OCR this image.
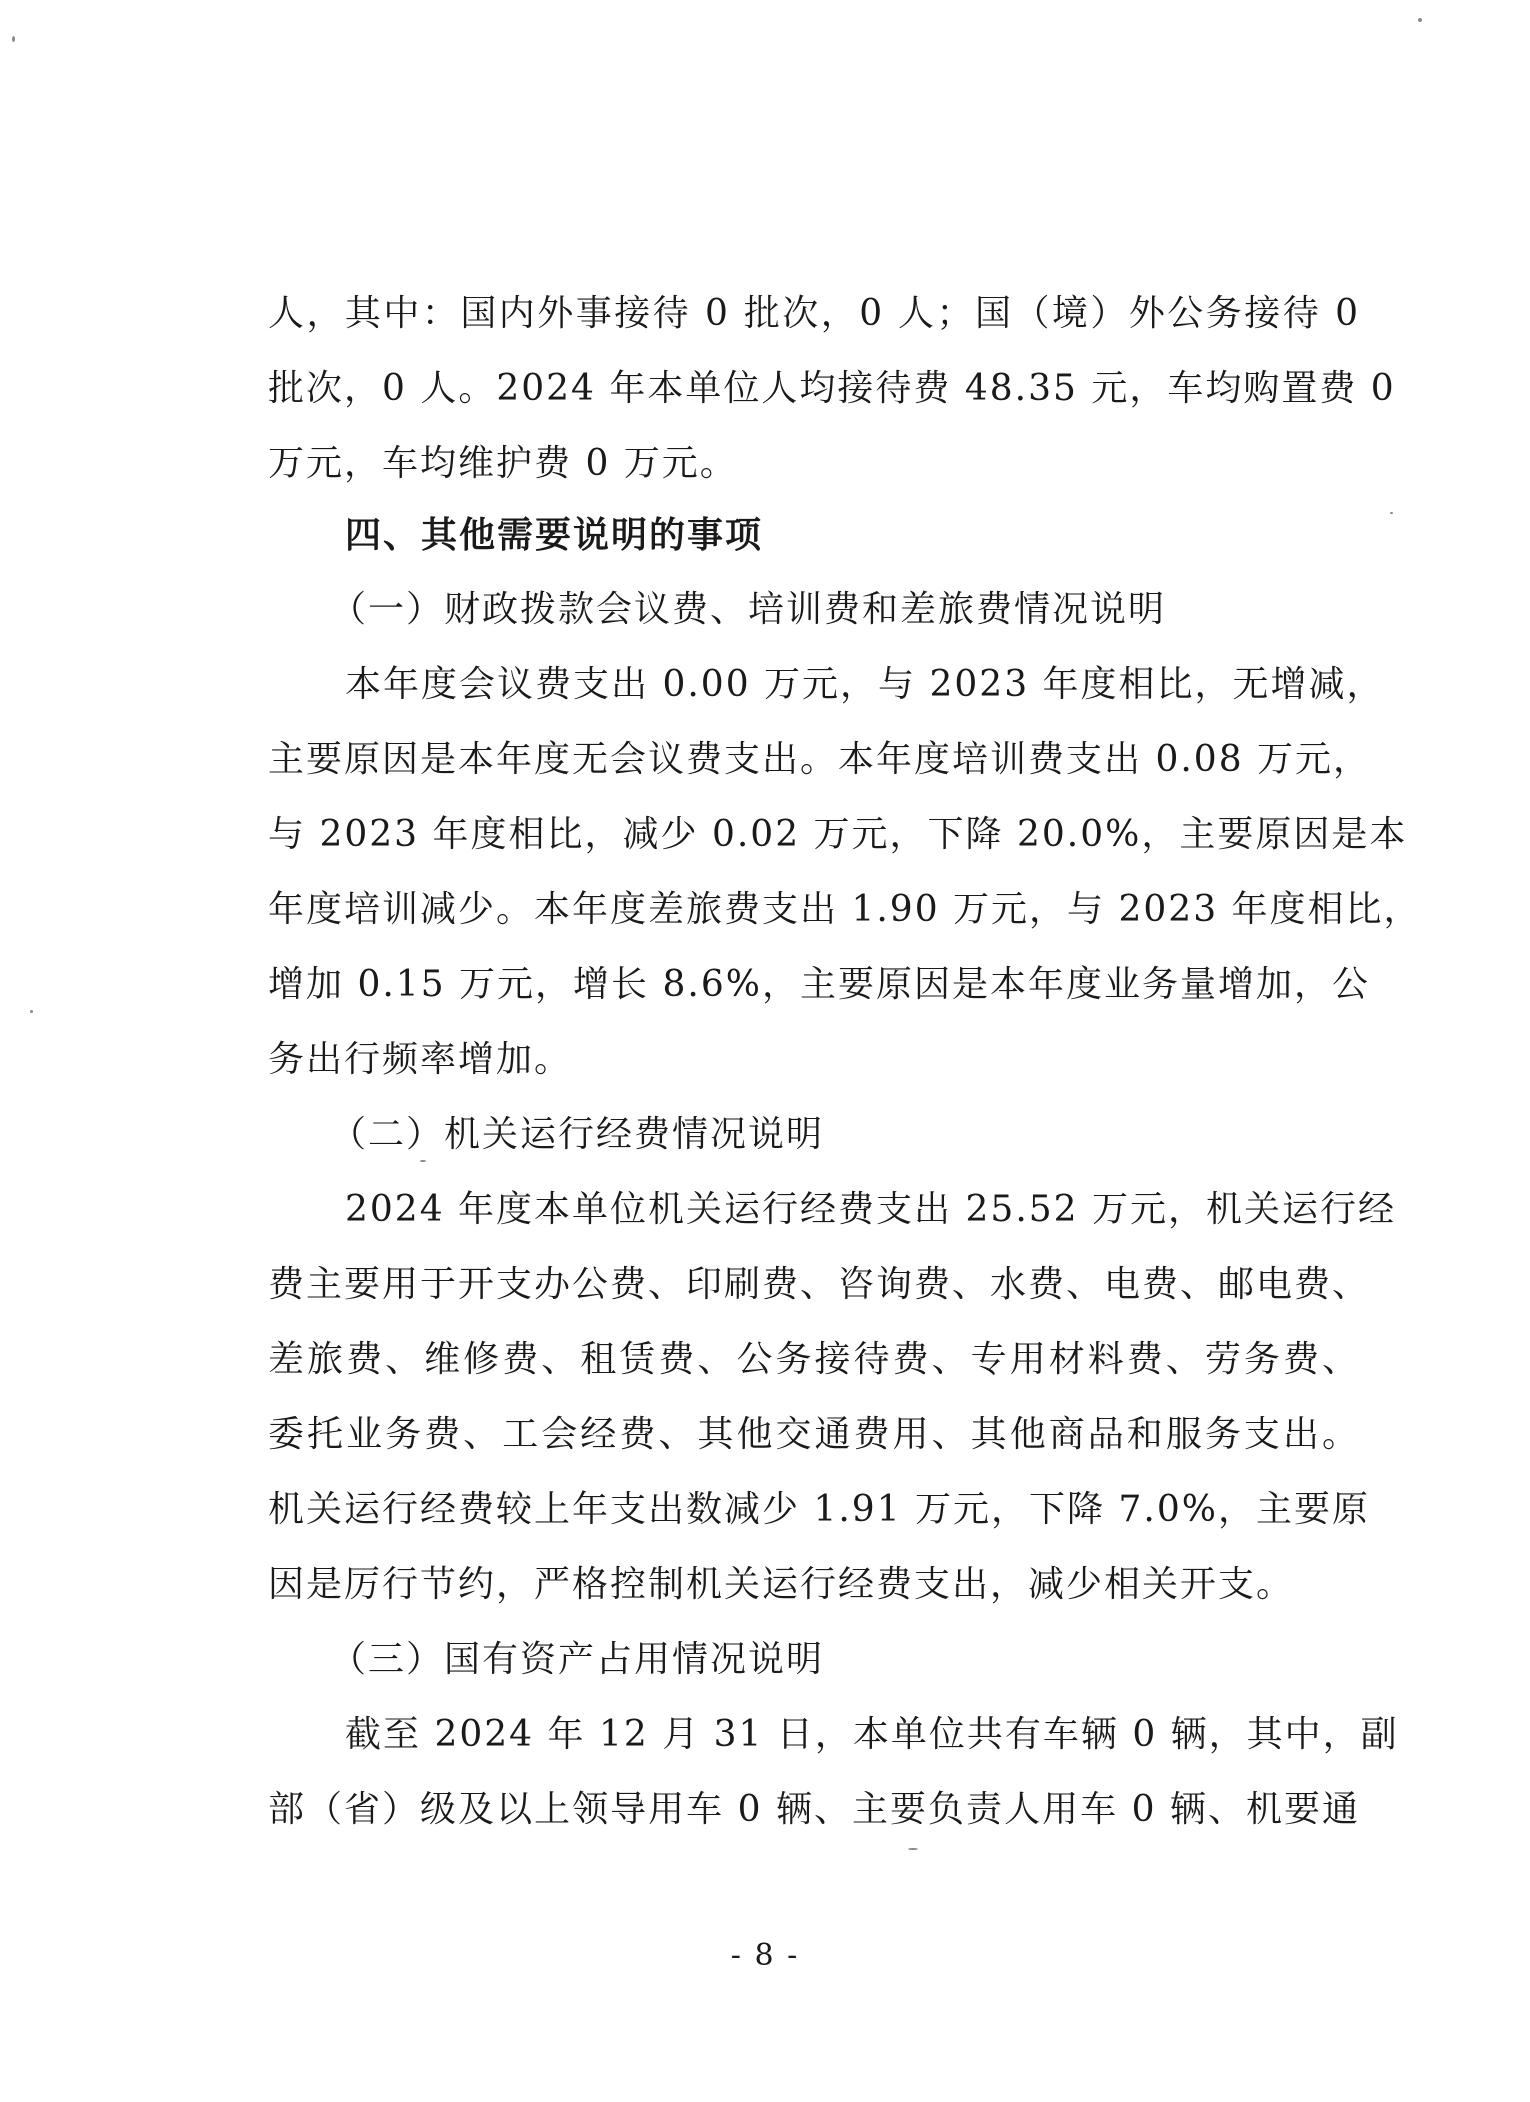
人，其中：国内外事接待 0 批次，0 人；国（境）外公务接待 0
批次，0 人。2024 年本单位人均接待费 48.35 元，车均购置费 0
万元，车均维护费 0 万元。
四、其他需要说明的事项
（一）财政拨款会议费、培训费和差旅费情况说明
本年度会议费支出 0.00 万元，与 2023 年度相比，无增减，
主要原因是本年度无会议费支出。本年度培训费支出 0.08 万元，
与 2023 年度相比，减少 0.02 万元，下降 20.0%，主要原因是本
年度培训减少。本年度差旅费支出 1.90 万元，与 2023 年度相比，
增加 0.15 万元，增长 8.6%，主要原因是本年度业务量增加，公
务出行频率增加。
（二）机关运行经费情况说明
2024 年度本单位机关运行经费支出 25.52 万元，机关运行经
费主要用于开支办公费、印刷费、咨询费、水费、电费、邮电费、
差旅费、维修费、租赁费、公务接待费、专用材料费、劳务费、
委托业务费、工会经费、其他交通费用、其他商品和服务支出。
机关运行经费较上年支出数减少 1.91 万元，下降 7.0%，主要原
因是厉行节约，严格控制机关运行经费支出，减少相关开支。
（三）国有资产占用情况说明
截至 2024 年 12 月 31 日，本单位共有车辆 0 辆，其中，副
部（省）级及以上领导用车 0 辆、主要负责人用车 0 辆、机要通
- 8 -
